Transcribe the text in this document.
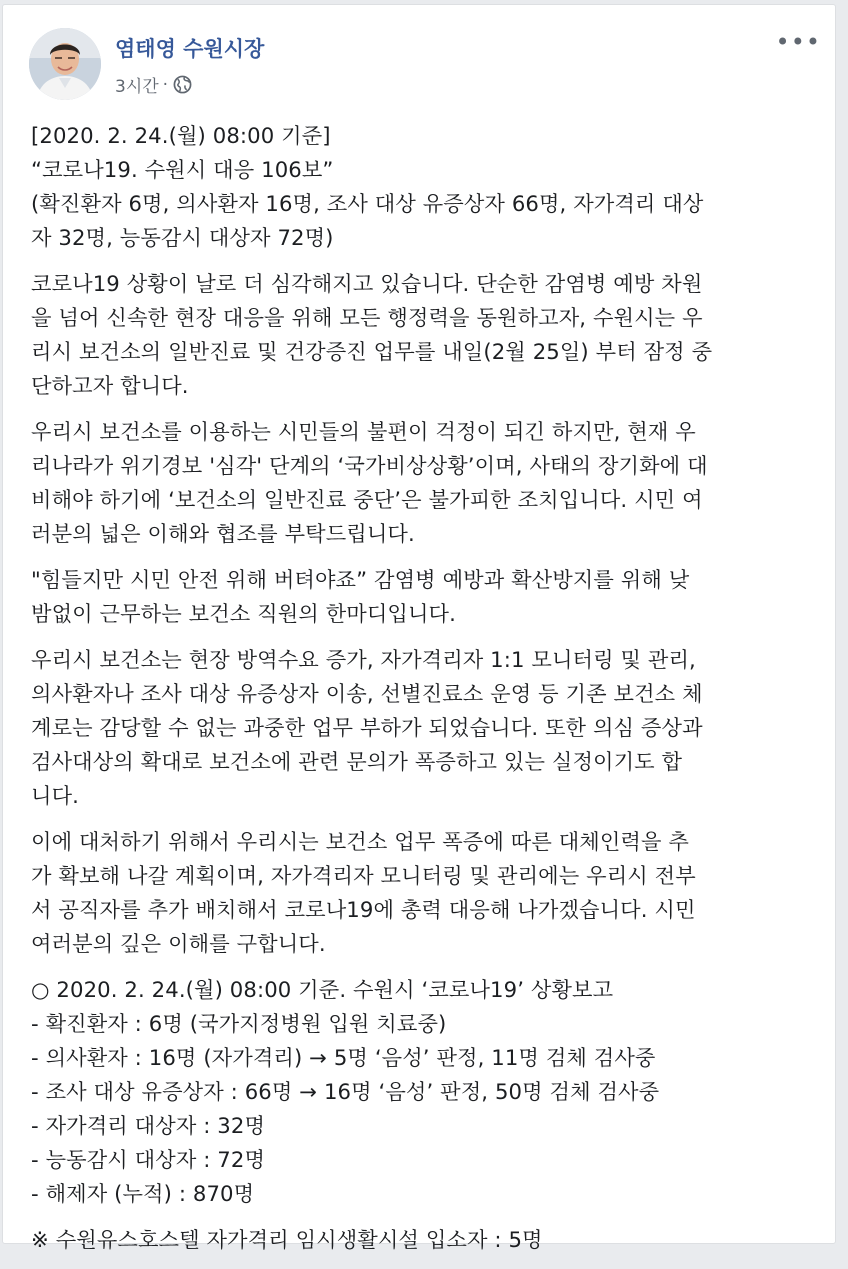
염태영 수원시장
3시간 ·
•••
[2020. 2. 24.(월) 08:00 기준]
“코로나19. 수원시 대응 106보”
(확진환자 6명, 의사환자 16명, 조사 대상 유증상자 66명, 자가격리 대상
자 32명, 능동감시 대상자 72명)
코로나19 상황이 날로 더 심각해지고 있습니다. 단순한 감염병 예방 차원
을 넘어 신속한 현장 대응을 위해 모든 행정력을 동원하고자, 수원시는 우
리시 보건소의 일반진료 및 건강증진 업무를 내일(2월 25일) 부터 잠정 중
단하고자 합니다.
우리시 보건소를 이용하는 시민들의 불편이 걱정이 되긴 하지만, 현재 우
리나라가 위기경보 '심각' 단계의 ‘국가비상상황’이며, 사태의 장기화에 대
비해야 하기에 ‘보건소의 일반진료 중단’은 불가피한 조치입니다. 시민 여
러분의 넓은 이해와 협조를 부탁드립니다.
"힘들지만 시민 안전 위해 버텨야죠” 감염병 예방과 확산방지를 위해 낮
밤없이 근무하는 보건소 직원의 한마디입니다.
우리시 보건소는 현장 방역수요 증가, 자가격리자 1:1 모니터링 및 관리,
의사환자나 조사 대상 유증상자 이송, 선별진료소 운영 등 기존 보건소 체
계로는 감당할 수 없는 과중한 업무 부하가 되었습니다. 또한 의심 증상과
검사대상의 확대로 보건소에 관련 문의가 폭증하고 있는 실정이기도 합
니다.
이에 대처하기 위해서 우리시는 보건소 업무 폭증에 따른 대체인력을 추
가 확보해 나갈 계획이며, 자가격리자 모니터링 및 관리에는 우리시 전부
서 공직자를 추가 배치해서 코로나19에 총력 대응해 나가겠습니다. 시민
여러분의 깊은 이해를 구합니다.
○ 2020. 2. 24.(월) 08:00 기준. 수원시 ‘코로나19’ 상황보고
- 확진환자 : 6명 (국가지정병원 입원 치료중)
- 의사환자 : 16명 (자가격리) → 5명 ‘음성’ 판정, 11명 검체 검사중
- 조사 대상 유증상자 : 66명 → 16명 ‘음성’ 판정, 50명 검체 검사중
- 자가격리 대상자 : 32명
- 능동감시 대상자 : 72명
- 해제자 (누적) : 870명
※ 수원유스호스텔 자가격리 임시생활시설 입소자 : 5명
